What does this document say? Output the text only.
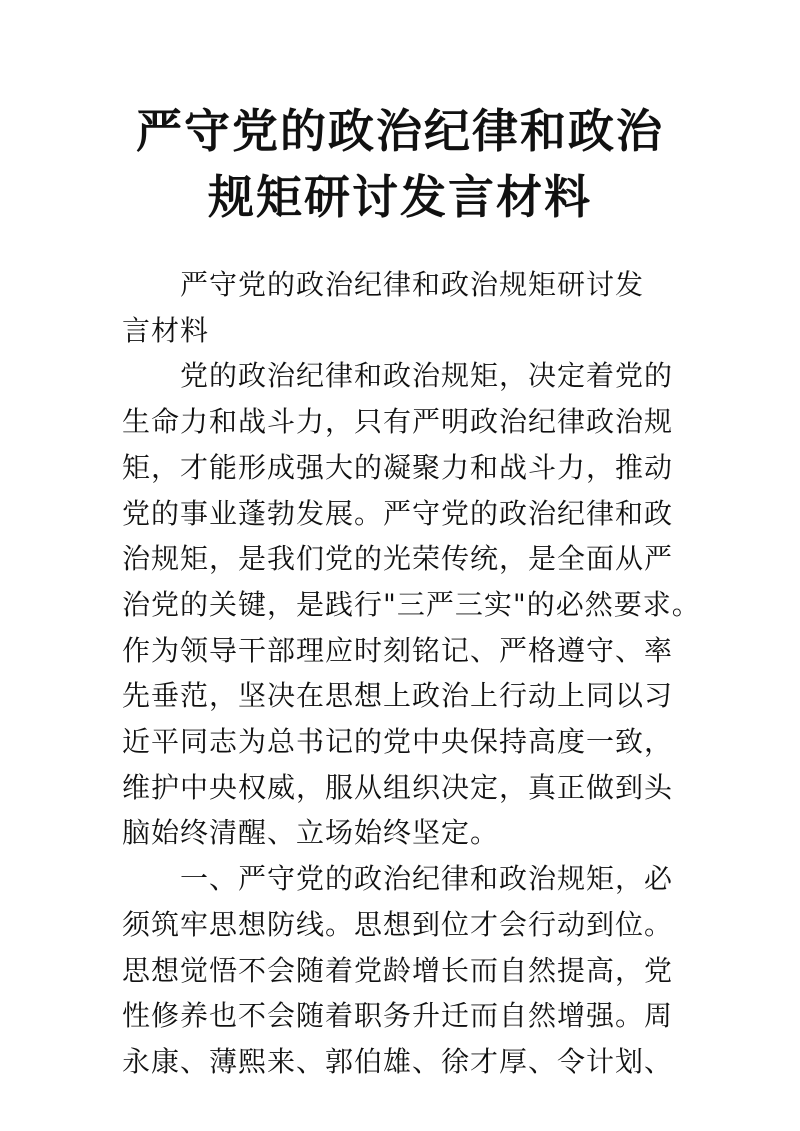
严守党的政治纪律和政治
规矩研讨发言材料
严守党的政治纪律和政治规矩研讨发
言材料
党的政治纪律和政治规矩，决定着党的
生命力和战斗力，只有严明政治纪律政治规
矩，才能形成强大的凝聚力和战斗力，推动
党的事业蓬勃发展。严守党的政治纪律和政
治规矩，是我们党的光荣传统，是全面从严
治党的关键，是践行"三严三实"的必然要求。
作为领导干部理应时刻铭记、严格遵守、率
先垂范，坚决在思想上政治上行动上同以习
近平同志为总书记的党中央保持高度一致，
维护中央权威，服从组织决定，真正做到头
脑始终清醒、立场始终坚定。
一、严守党的政治纪律和政治规矩，必
须筑牢思想防线。思想到位才会行动到位。
思想觉悟不会随着党龄增长而自然提高，党
性修养也不会随着职务升迁而自然增强。周
永康、薄熙来、郭伯雄、徐才厚、令计划、
